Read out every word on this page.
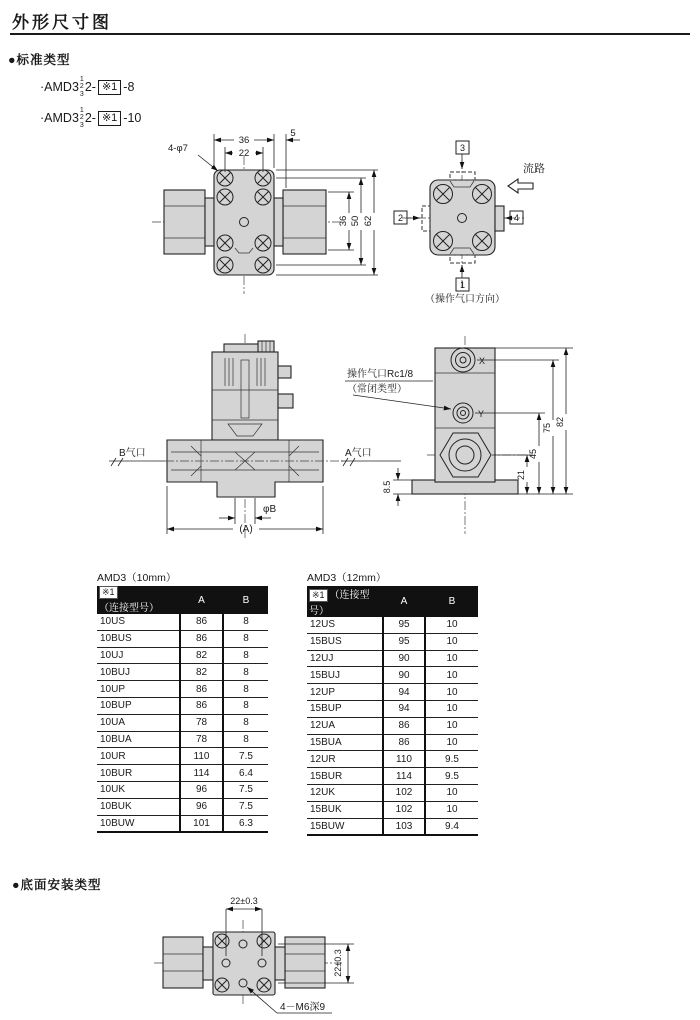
外形尺寸图
●标准类型
·AMD3
1
2
3
2- ※1 -8
·AMD3
1
2
3
2- ※1 -10
36
22
5
4-φ7
36 50 62
3
1
2	4
流路
（操作气口方向）
B气口	A气口
φB
(A)
X
Y
操作气口Rc1/8
（常闭类型）
8.5
21
45
75
82
AMD3（10mm）
※1（连接型号）	A	B
10US	86	8
10BUS	86	8
10UJ	82	8
10BUJ	82	8
10UP	86	8
10BUP	86	8
10UA	78	8
10BUA	78	8
10UR	110	7.5
10BUR	114	6.4
10UK	96	7.5
10BUK	96	7.5
10BUW	101	6.3
AMD3（12mm）
※1 （连接型号）	A	B
12US	95	10
15BUS	95	10
12UJ	90	10
15BUJ	90	10
12UP	94	10
15BUP	94	10
12UA	86	10
15BUA	86	10
12UR	110	9.5
15BUR	114	9.5
12UK	102	10
15BUK	102	10
15BUW	103	9.4
●底面安装类型
22±0.3
22±0.3
4－M6深9
